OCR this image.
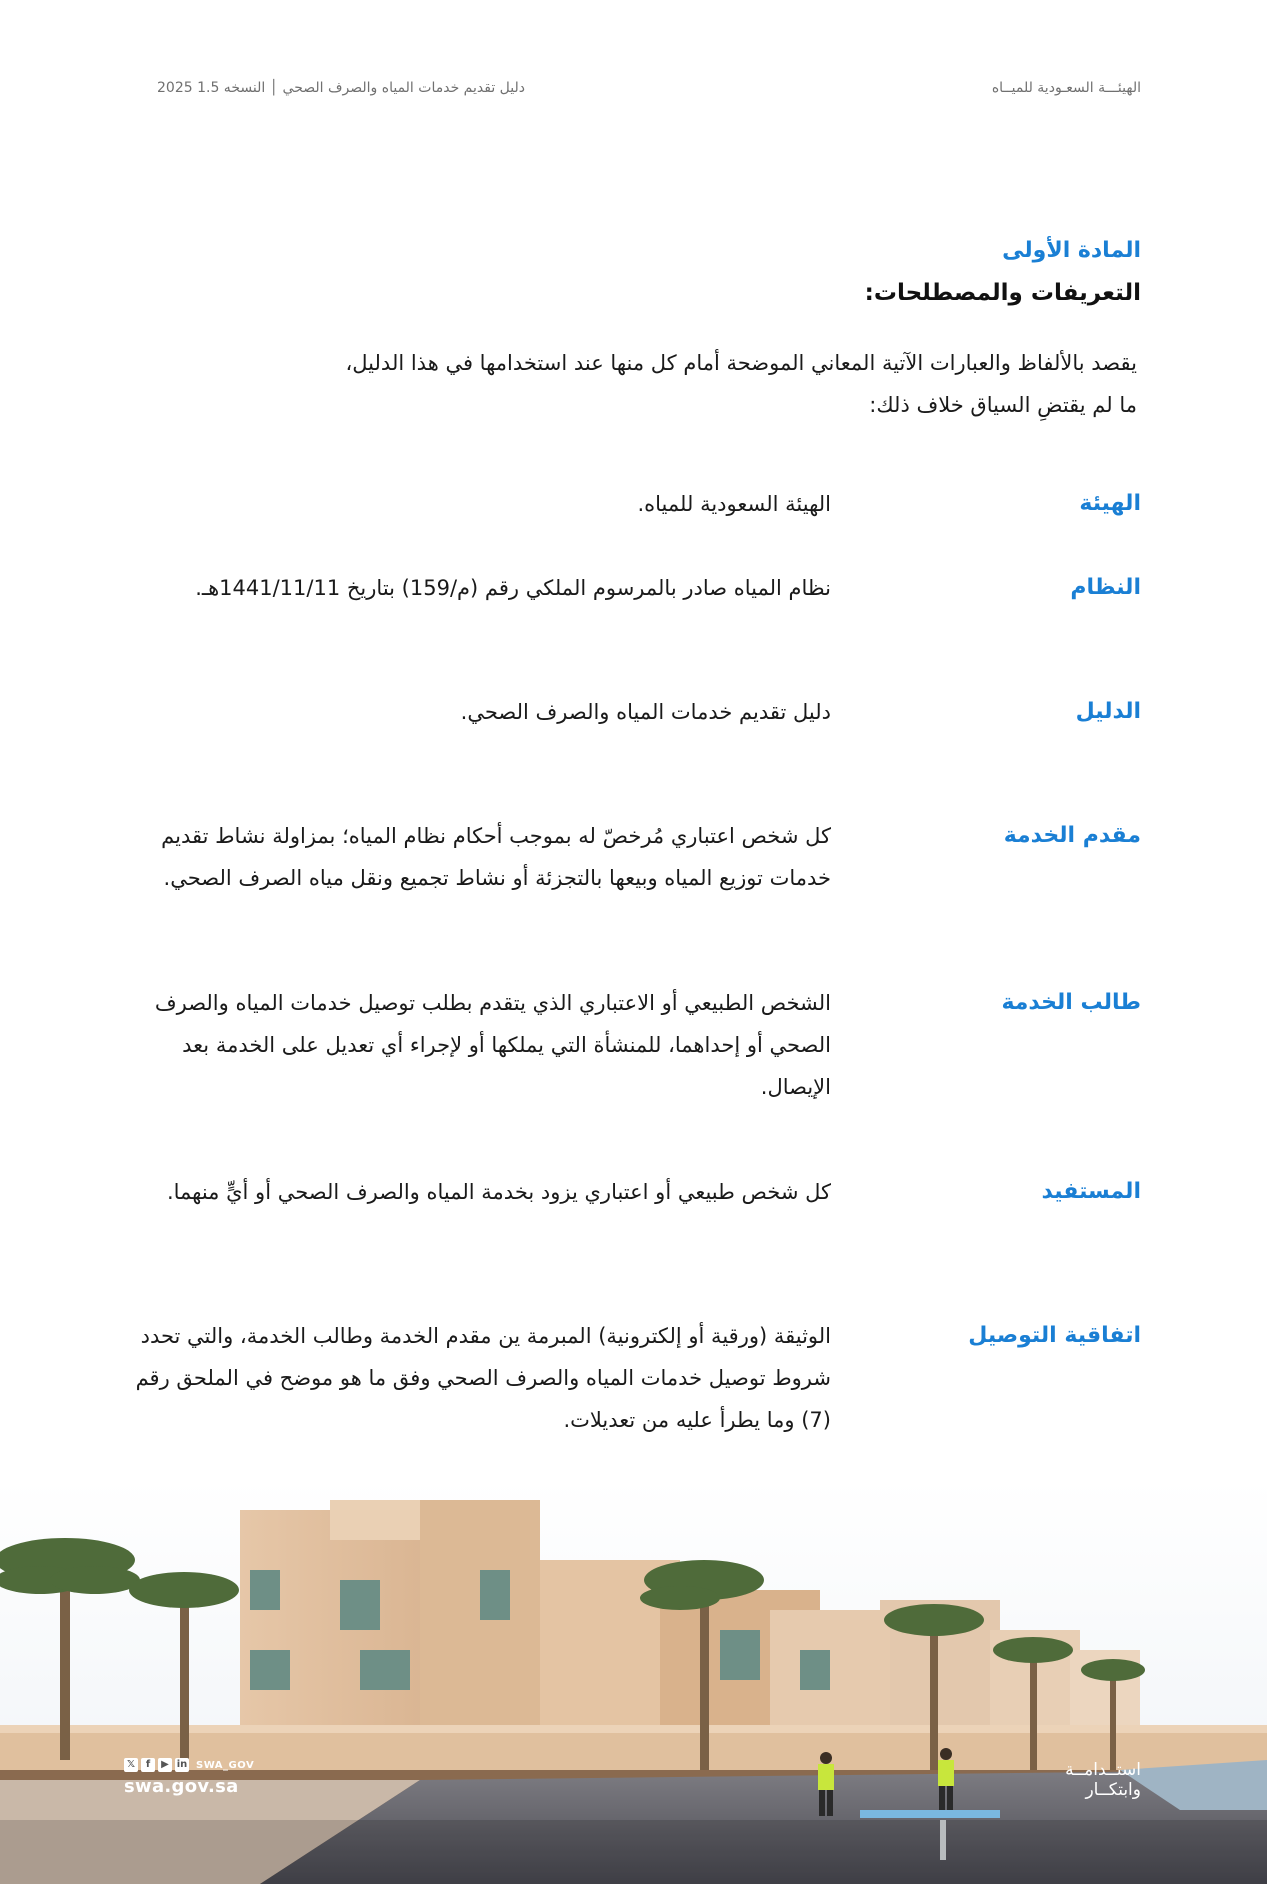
الهيئـــة السعـودية للميــاه
دليل تقديم خدمات المياه والصرف الصحي │ النسخه 1.5 2025
المادة الأولى
التعريفات والمصطلحات:
يقصد بالألفاظ والعبارات الآتية المعاني الموضحة أمام كل منها عند استخدامها في هذا الدليل،
ما لم يقتضِ السياق خلاف ذلك:
الهيئة
الهيئة السعودية للمياه.
النظام
نظام المياه صادر بالمرسوم الملكي رقم (م/159) بتاريخ 1441/11/11هـ.
الدليل
دليل تقديم خدمات المياه والصرف الصحي.
مقدم الخدمة
كل شخص اعتباري مُرخصّ له بموجب أحكام نظام المياه؛ بمزاولة نشاط تقديم خدمات توزيع المياه وبيعها بالتجزئة أو نشاط تجميع ونقل مياه الصرف الصحي.
طالب الخدمة
الشخص الطبيعي أو الاعتباري الذي يتقدم بطلب توصيل خدمات المياه والصرف الصحي أو إحداهما، للمنشأة التي يملكها أو لإجراء أي تعديل على الخدمة بعد الإيصال.
المستفيد
كل شخص طبيعي أو اعتباري يزود بخدمة المياه والصرف الصحي أو أيٍّ منهما.
اتفاقية التوصيل
الوثيقة (ورقية أو إلكترونية) المبرمة ين مقدم الخدمة وطالب الخدمة، والتي تحدد شروط توصيل خدمات المياه والصرف الصحي وفق ما هو موضح في الملحق رقم (7) وما يطرأ عليه من تعديلات.
𝕏	f	▶ in SWA_GOV
swa.gov.sa
استــدامــة
وابتكــار
